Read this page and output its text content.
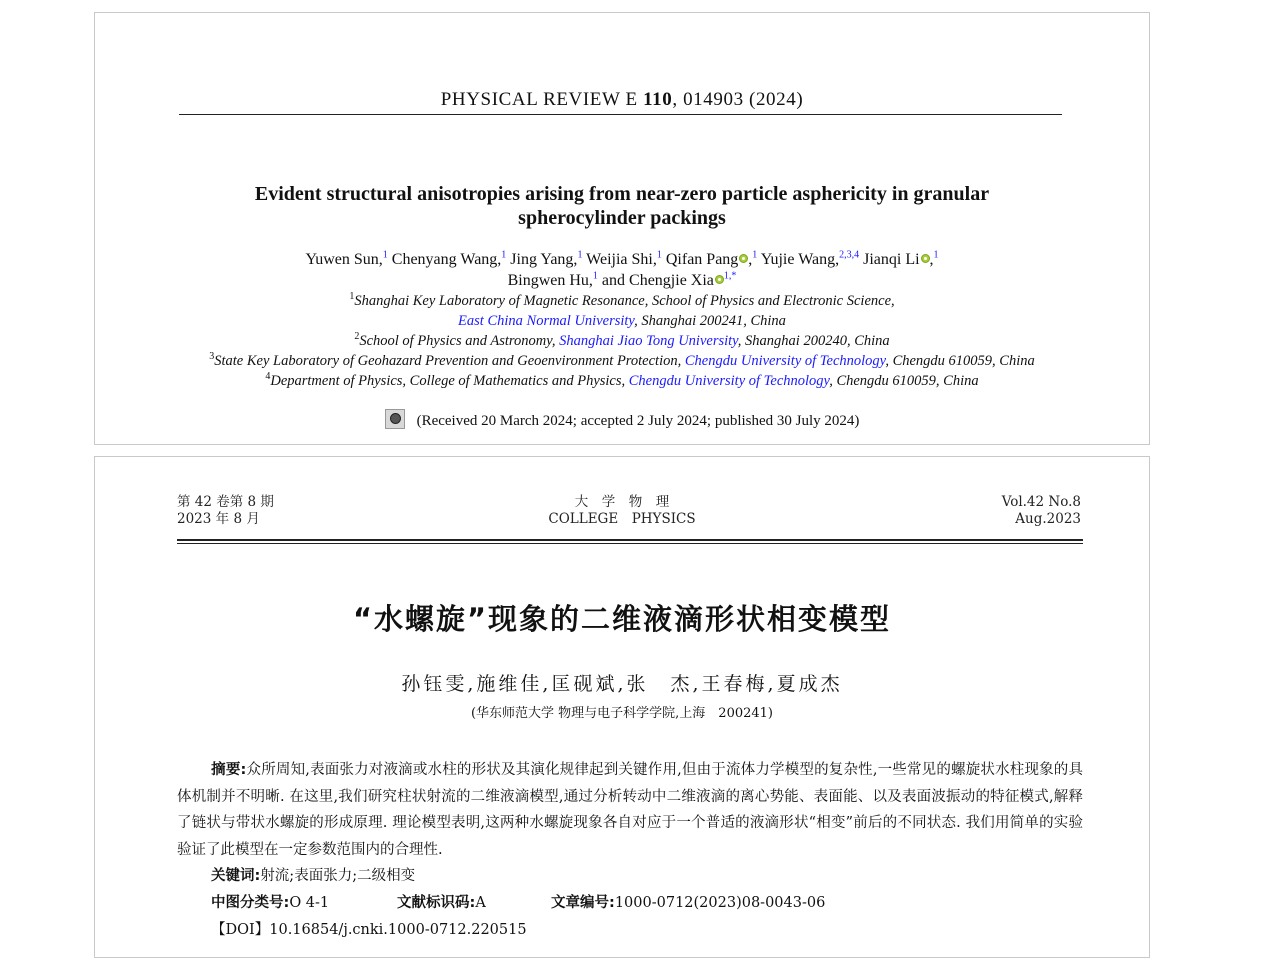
PHYSICAL REVIEW E 110, 014903 (2024)
Evident structural anisotropies arising from near-zero particle asphericity in granular
spherocylinder packings
Yuwen Sun,$^1$ Chenyang Wang,$^1$ Jing Yang,$^1$ Weijia Shi,$^1$ Qifan Pang ,$^1$ Yujie Wang,$^{2,3,4}$ Jianqi Li ,$^1$
Bingwen Hu,$^1$ and Chengjie Xia $^{1,*}$
$^1$Shanghai Key Laboratory of Magnetic Resonance, School of Physics and Electronic Science,
East China Normal University, Shanghai 200241, China
$^2$School of Physics and Astronomy, Shanghai Jiao Tong University, Shanghai 200240, China
$^3$State Key Laboratory of Geohazard Prevention and Geoenvironment Protection, Chengdu University of Technology, Chengdu 610059, China
$^4$Department of Physics, College of Mathematics and Physics, Chengdu University of Technology, Chengdu 610059, China
(Received 20 March 2024; accepted 2 July 2024; published 30 July 2024)
第 42 卷第 8 期
2023 年 8 月
大　学　物　理
COLLEGE　PHYSICS
Vol.42 No.8
Aug.2023
“水螺旋”现象的二维液滴形状相变模型
孙钰雯,施维佳,匡砚斌,张　杰,王春梅,夏成杰
(华东师范大学 物理与电子科学学院,上海　200241)
摘要:众所周知,表面张力对液滴或水柱的形状及其演化规律起到关键作用,但由于流体力学模型的复杂性,一些常见的螺旋状水柱现象的具体机制并不明晰. 在这里,我们研究柱状射流的二维液滴模型,通过分析转动中二维液滴的离心势能、表面能、以及表面波振动的特征模式,解释了链状与带状水螺旋的形成原理. 理论模型表明,这两种水螺旋现象各自对应于一个普适的液滴形状“相变”前后的不同状态. 我们用简单的实验验证了此模型在一定参数范围内的合理性.
关键词:射流;表面张力;二级相变
中图分类号:O 4-1	文献标识码:A	文章编号:1000-0712(2023)08-0043-06
【DOI】10.16854/j.cnki.1000-0712.220515
